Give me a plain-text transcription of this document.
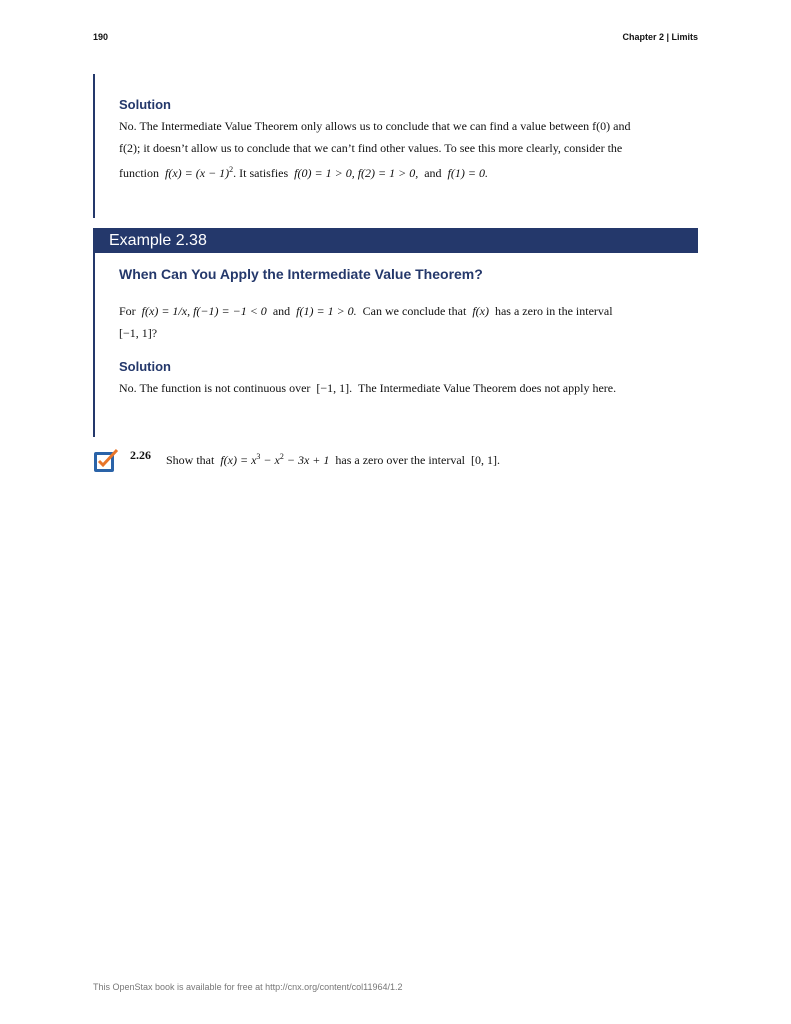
190	Chapter 2 | Limits
Solution
No. The Intermediate Value Theorem only allows us to conclude that we can find a value between f(0) and
f(2); it doesn’t allow us to conclude that we can’t find other values. To see this more clearly, consider the
function $f(x) = (x - 1)^2$. It satisfies f(0) = 1 > 0, f(2) = 1 > 0, and f(1) = 0.
Example 2.38
When Can You Apply the Intermediate Value Theorem?
For f(x) = 1/x, f(−1) = −1 < 0 and f(1) = 1 > 0. Can we conclude that f(x) has a zero in the interval
[−1, 1]?
Solution
No. The function is not continuous over [−1, 1]. The Intermediate Value Theorem does not apply here.
2.26 Show that $f(x) = x^3 - x^2 - 3x + 1$ has a zero over the interval [0, 1].
This OpenStax book is available for free at http://cnx.org/content/col11964/1.2
